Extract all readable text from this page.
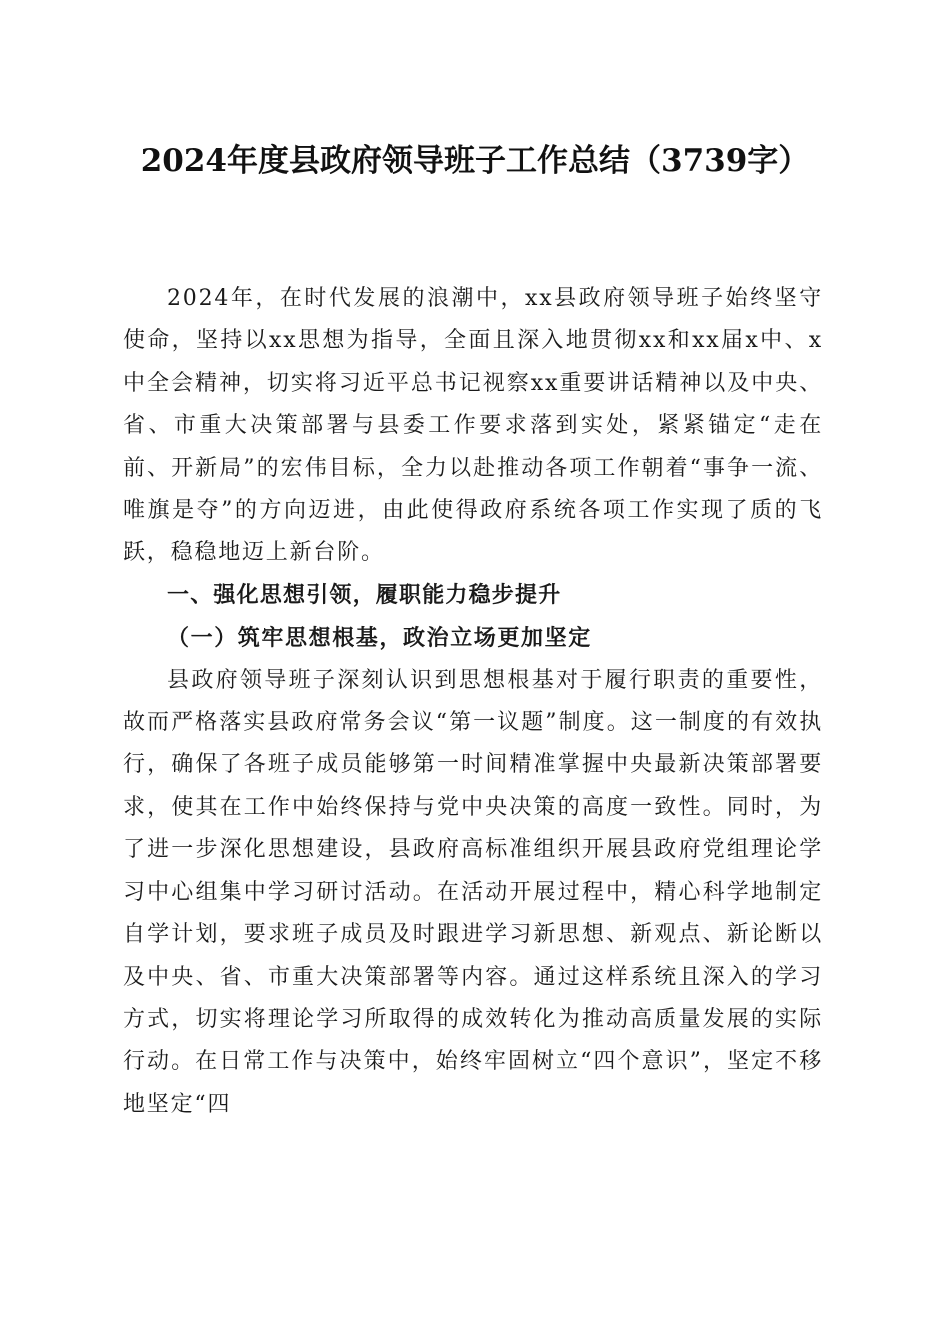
2024年度县政府领导班子工作总结（3739字）

2024年，在时代发展的浪潮中，xx县政府领导班子始终坚守使命，坚持以xx思想为指导，全面且深入地贯彻xx和xx届x中、x中全会精神，切实将习近平总书记视察xx重要讲话精神以及中央、省、市重大决策部署与县委工作要求落到实处，紧紧锚定“走在前、开新局”的宏伟目标，全力以赴推动各项工作朝着“事争一流、唯旗是夺”的方向迈进，由此使得政府系统各项工作实现了质的飞跃，稳稳地迈上新台阶。

一、强化思想引领，履职能力稳步提升

（一）筑牢思想根基，政治立场更加坚定

县政府领导班子深刻认识到思想根基对于履行职责的重要性，故而严格落实县政府常务会议“第一议题”制度。这一制度的有效执行，确保了各班子成员能够第一时间精准掌握中央最新决策部署要求，使其在工作中始终保持与党中央决策的高度一致性。同时，为了进一步深化思想建设，县政府高标准组织开展县政府党组理论学习中心组集中学习研讨活动。在活动开展过程中，精心科学地制定自学计划，要求班子成员及时跟进学习新思想、新观点、新论断以及中央、省、市重大决策部署等内容。通过这样系统且深入的学习方式，切实将理论学习所取得的成效转化为推动高质量发展的实际行动。在日常工作与决策中，始终牢固树立“四个意识”，坚定不移地坚定“四
